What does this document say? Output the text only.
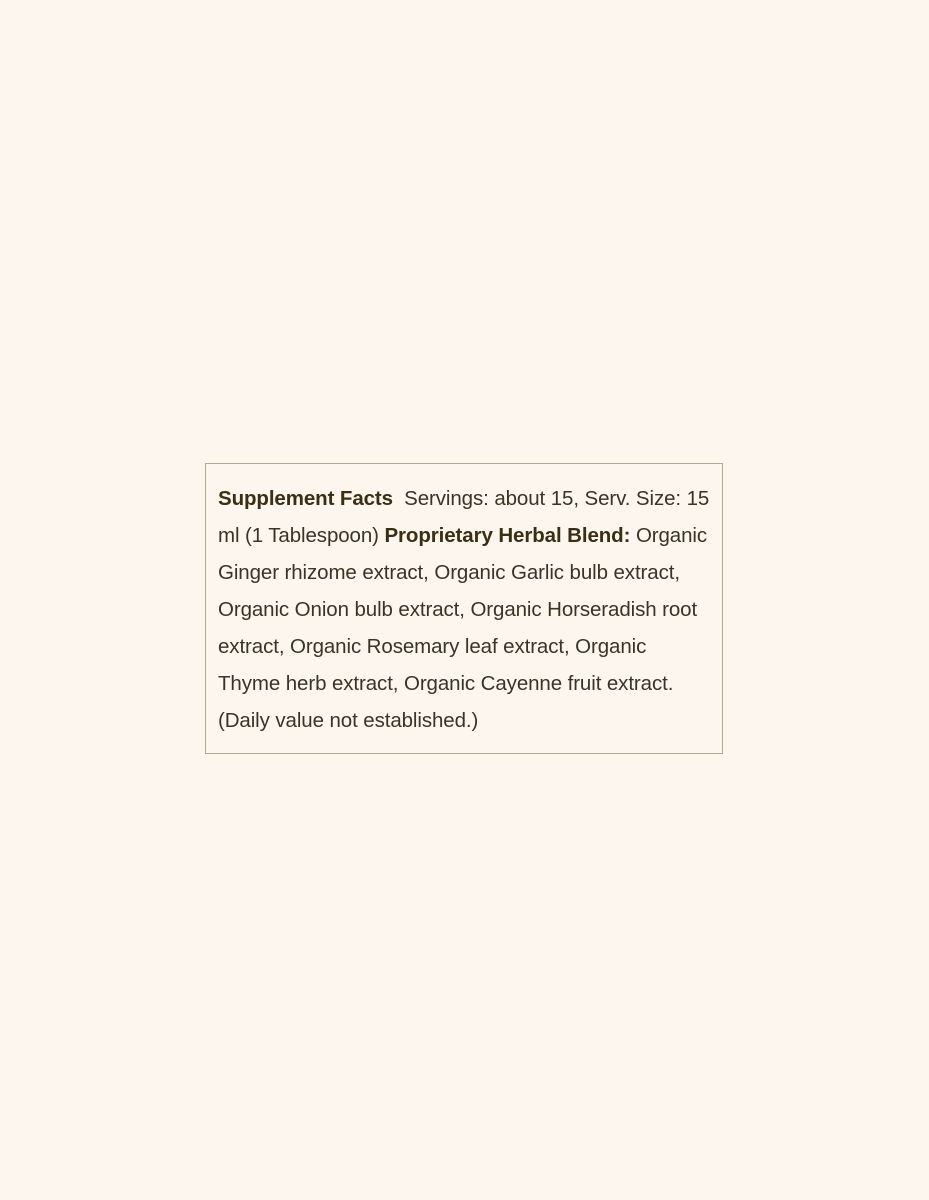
Supplement Facts Servings: about 15, Serv. Size: 15 ml (1 Tablespoon) Proprietary Herbal Blend: Organic Ginger rhizome extract, Organic Garlic bulb extract, Organic Onion bulb extract, Organic Horseradish root extract, Organic Rosemary leaf extract, Organic Thyme herb extract, Organic Cayenne fruit extract.  (Daily value not established.)
